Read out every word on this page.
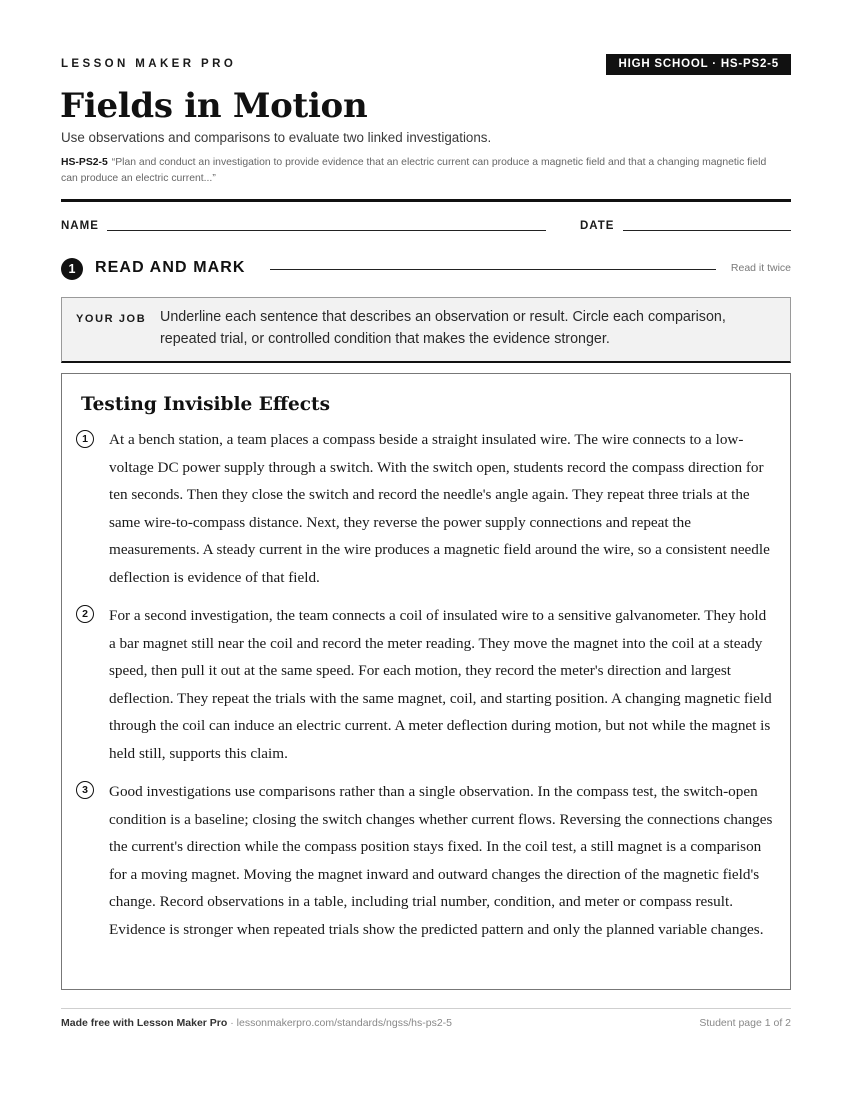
LESSON MAKER PRO	HIGH SCHOOL · HS-PS2-5
Fields in Motion
Use observations and comparisons to evaluate two linked investigations.
HS-PS2-5 “Plan and conduct an investigation to provide evidence that an electric current can produce a magnetic field and that a changing magnetic field can produce an electric current...”
NAME	DATE
1	READ AND MARK	Read it twice
YOUR JOB Underline each sentence that describes an observation or result. Circle each comparison, repeated trial, or controlled condition that makes the evidence stronger.
Testing Invisible Effects
1	At a bench station, a team places a compass beside a straight insulated wire. The wire connects to a low-voltage DC power supply through a switch. With the switch open, students record the compass direction for ten seconds. Then they close the switch and record the needle's angle again. They repeat three trials at the same wire-to-compass distance. Next, they reverse the power supply connections and repeat the measurements. A steady current in the wire produces a magnetic field around the wire, so a consistent needle deflection is evidence of that field.
2	For a second investigation, the team connects a coil of insulated wire to a sensitive galvanometer. They hold a bar magnet still near the coil and record the meter reading. They move the magnet into the coil at a steady speed, then pull it out at the same speed. For each motion, they record the meter's direction and largest deflection. They repeat the trials with the same magnet, coil, and starting position. A changing magnetic field through the coil can induce an electric current. A meter deflection during motion, but not while the magnet is held still, supports this claim.
3	Good investigations use comparisons rather than a single observation. In the compass test, the switch-open condition is a baseline; closing the switch changes whether current flows. Reversing the connections changes the current's direction while the compass position stays fixed. In the coil test, a still magnet is a comparison for a moving magnet. Moving the magnet inward and outward changes the direction of the magnetic field's change. Record observations in a table, including trial number, condition, and meter or compass result. Evidence is stronger when repeated trials show the predicted pattern and only the planned variable changes.
Made free with Lesson Maker Pro · lessonmakerpro.com/standards/ngss/hs-ps2-5	Student page 1 of 2
